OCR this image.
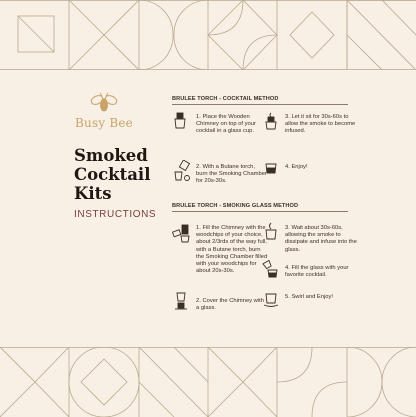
Busy Bee
Smoked
Cocktail
Kits
INSTRUCTIONS
BRULEE TORCH - COCKTAIL METHOD
1. Place the Wooden Chimney on top of your cocktail in a glass cup.
3. Let it sit for 30s-60s to allow the smoke to become infused.
2. With a Butane torch, burn the Smoking Chamber for 20s-30s.
4. Enjoy!
BRULEE TORCH - SMOKING GLASS METHOD
1. Fill the Chimney with the woodchips of your choice, about 2/3rds of the way full, with a Butane torch, burn the Smoking Chamber filled with your woodchips for about 20s-30s.
3. Wait about 30s-60s, allowing the smoke to dissipate and infuse into the glass.
4. Fill the glass with your favorite cocktail.
2. Cover the Chimney with a glass.
5. Swirl and Enjoy!
